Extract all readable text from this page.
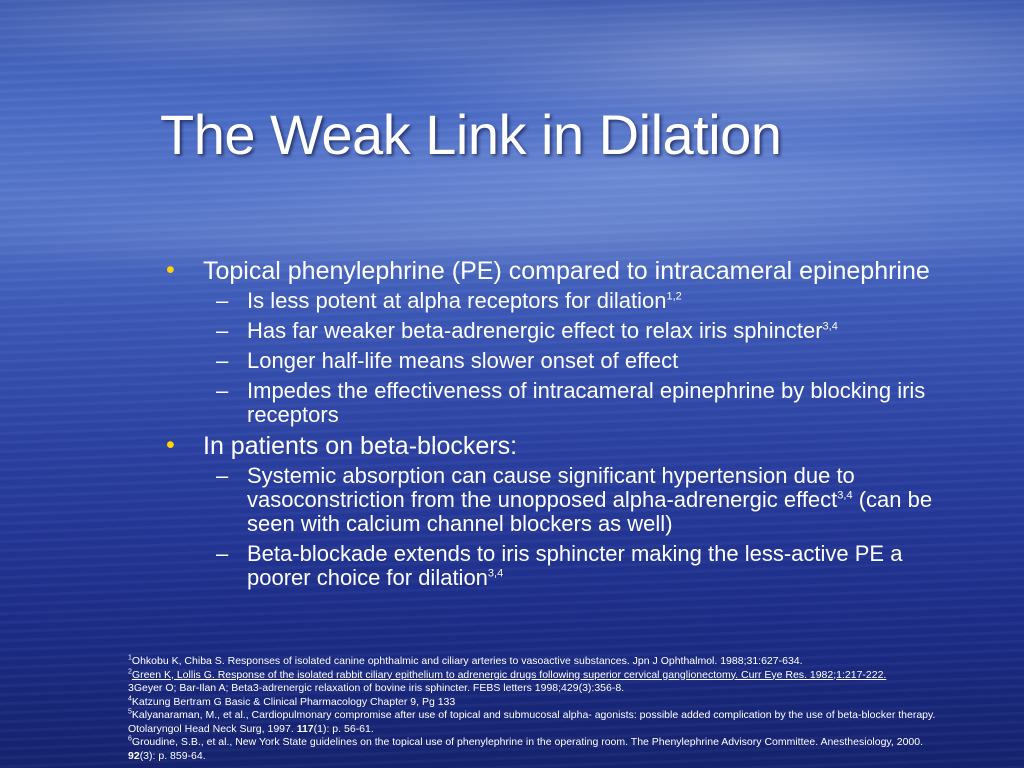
The Weak Link in Dilation
• Topical phenylephrine (PE) compared to intracameral epinephrine
– Is less potent at alpha receptors for dilation$^{1,2}$
– Has far weaker beta-adrenergic effect to relax iris sphincter$^{3,4}$
– Longer half-life means slower onset of effect
– Impedes the effectiveness of intracameral epinephrine by blocking iris receptors
• In patients on beta-blockers:
– Systemic absorption can cause significant hypertension due to vasoconstriction from the unopposed alpha-adrenergic effect$^{3,4}$ (can be seen with calcium channel blockers as well)
– Beta-blockade extends to iris sphincter making the less-active PE a poorer choice for dilation$^{3,4}$
$^1$Ohkobu K, Chiba S. Responses of isolated canine ophthalmic and ciliary arteries to vasoactive substances. Jpn J Ophthalmol. 1988;31:627-634.
$^2$Green K, Lollis G. Response of the isolated rabbit ciliary epithelium to adrenergic drugs following superior cervical ganglionectomy. Curr Eye Res. 1982;1:217-222.
3Geyer O; Bar-Ilan A; Beta3-adrenergic relaxation of bovine iris sphincter. FEBS letters 1998;429(3):356-8.
$^4$Katzung Bertram G Basic & Clinical Pharmacology Chapter 9, Pg 133
$^5$Kalyanaraman, M., et al., Cardiopulmonary compromise after use of topical and submucosal alpha- agonists: possible added complication by the use of beta-blocker therapy.
Otolaryngol Head Neck Surg, 1997. 117(1): p. 56-61.
$^6$Groudine, S.B., et al., New York State guidelines on the topical use of phenylephrine in the operating room. The Phenylephrine Advisory Committee. Anesthesiology, 2000.
92(3): p. 859-64.
